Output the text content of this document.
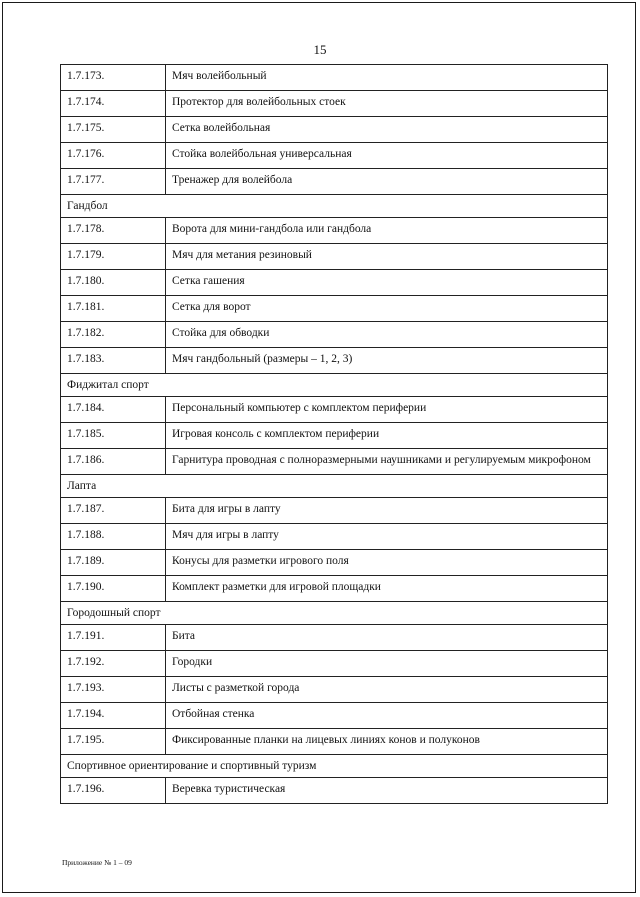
15
1.7.173.	Мяч волейбольный
1.7.174.	Протектор для волейбольных стоек
1.7.175.	Сетка волейбольная
1.7.176.	Стойка волейбольная универсальная
1.7.177.	Тренажер для волейбола
Гандбол	
1.7.178.	Ворота для мини-гандбола или гандбола
1.7.179.	Мяч для метания резиновый
1.7.180.	Сетка гашения
1.7.181.	Сетка для ворот
1.7.182.	Стойка для обводки
1.7.183.	Мяч гандбольный (размеры – 1, 2, 3)
Фиджитал спорт	
1.7.184.	Персональный компьютер с комплектом периферии
1.7.185.	Игровая консоль с комплектом периферии
1.7.186.	Гарнитура проводная с полноразмерными наушниками и регулируемым микрофоном
Лапта	
1.7.187.	Бита для игры в лапту
1.7.188.	Мяч для игры в лапту
1.7.189.	Конусы для разметки игрового поля
1.7.190.	Комплект разметки для игровой площадки
Городошный спорт	
1.7.191.	Бита
1.7.192.	Городки
1.7.193.	Листы с разметкой города
1.7.194.	Отбойная стенка
1.7.195.	Фиксированные планки на лицевых линиях конов и полуконов
Спортивное ориентирование и спортивный туризм	
1.7.196.	Веревка туристическая
Приложение № 1 – 09
